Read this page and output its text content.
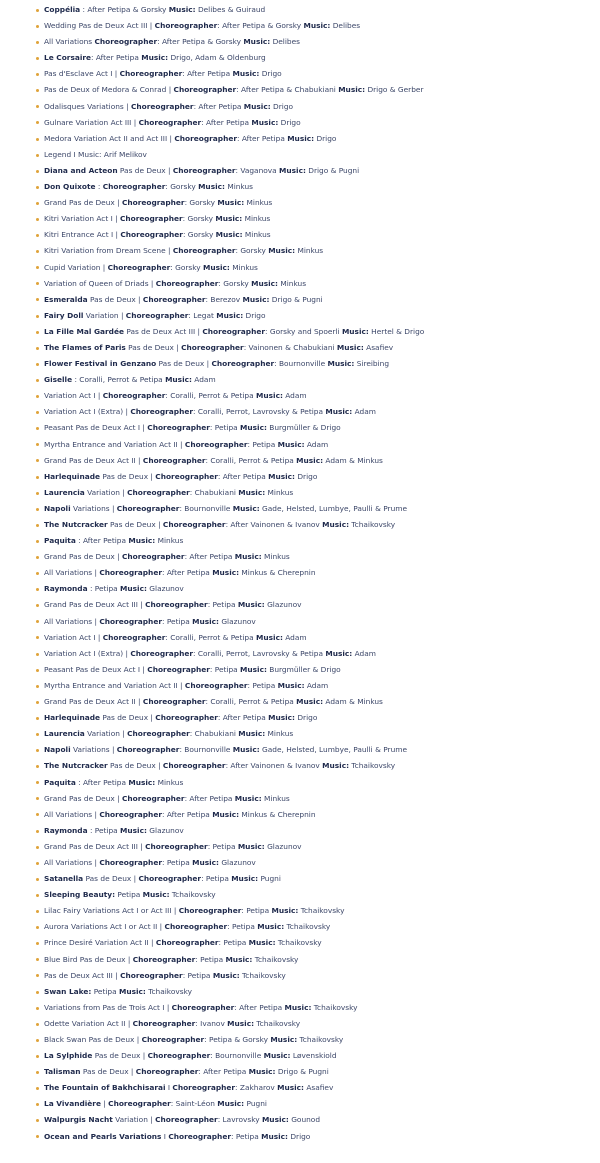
Coppélia : After Petipa & Gorsky Music: Delibes & Guiraud
Wedding Pas de Deux Act III | Choreographer: After Petipa & Gorsky Music: Delibes
All Variations Choreographer: After Petipa & Gorsky Music: Delibes
Le Corsaire: After Petipa Music: Drigo, Adam & Oldenburg
Pas d'Esclave Act I | Choreographer: After Petipa Music: Drigo
Pas de Deux of Medora & Conrad | Choreographer: After Petipa & Chabukiani Music: Drigo & Gerber
Odalisques Variations | Choreographer: After Petipa Music: Drigo
Gulnare Variation Act III | Choreographer: After Petipa Music: Drigo
Medora Variation Act II and Act III | Choreographer: After Petipa Music: Drigo
Legend I Music: Arif Melikov
Diana and Acteon Pas de Deux | Choreographer: Vaganova Music: Drigo & Pugni
Don Quixote : Choreographer: Gorsky Music: Minkus
Grand Pas de Deux | Choreographer: Gorsky Music: Minkus
Kitri Variation Act I | Choreographer: Gorsky Music: Minkus
Kitri Entrance Act I | Choreographer: Gorsky Music: Minkus
Kitri Variation from Dream Scene | Choreographer: Gorsky Music: Minkus
Cupid Variation | Choreographer: Gorsky Music: Minkus
Variation of Queen of Driads | Choreographer: Gorsky Music: Minkus
Esmeralda Pas de Deux | Choreographer: Berezov Music: Drigo & Pugni
Fairy Doll Variation | Choreographer: Legat Music: Drigo
La Fille Mal Gardée Pas de Deux Act III | Choreographer: Gorsky and Spoerli Music: Hertel & Drigo
The Flames of Paris Pas de Deux | Choreographer: Vainonen & Chabukiani Music: Asafiev
Flower Festival in Genzano Pas de Deux | Choreographer: Bournonville Music: Sireibing
Giselle : Coralli, Perrot & Petipa Music: Adam
Variation Act I | Choreographer: Coralli, Perrot & Petipa Music: Adam
Variation Act I (Extra) | Choreographer: Coralli, Perrot, Lavrovsky & Petipa Music: Adam
Peasant Pas de Deux Act I | Choreographer: Petipa Music: Burgmüller & Drigo
Myrtha Entrance and Variation Act II | Choreographer: Petipa Music: Adam
Grand Pas de Deux Act II | Choreographer: Coralli, Perrot & Petipa Music: Adam & Minkus
Harlequinade Pas de Deux | Choreographer: After Petipa Music: Drigo
Laurencia Variation | Choreographer: Chabukiani Music: Minkus
Napoli Variations | Choreographer: Bournonville Music: Gade, Helsted, Lumbye, Paulli & Prume
The Nutcracker Pas de Deux | Choreographer: After Vainonen & Ivanov Music: Tchaikovsky
Paquita : After Petipa Music: Minkus
Grand Pas de Deux | Choreographer: After Petipa Music: Minkus
All Variations | Choreographer: After Petipa Music: Minkus & Cherepnin
Raymonda : Petipa Music: Glazunov
Grand Pas de Deux Act III | Choreographer: Petipa Music: Glazunov
All Variations | Choreographer: Petipa Music: Glazunov
Variation Act I | Choreographer: Coralli, Perrot & Petipa Music: Adam
Variation Act I (Extra) | Choreographer: Coralli, Perrot, Lavrovsky & Petipa Music: Adam
Peasant Pas de Deux Act I | Choreographer: Petipa Music: Burgmüller & Drigo
Myrtha Entrance and Variation Act II | Choreographer: Petipa Music: Adam
Grand Pas de Deux Act II | Choreographer: Coralli, Perrot & Petipa Music: Adam & Minkus
Harlequinade Pas de Deux | Choreographer: After Petipa Music: Drigo
Laurencia Variation | Choreographer: Chabukiani Music: Minkus
Napoli Variations | Choreographer: Bournonville Music: Gade, Helsted, Lumbye, Paulli & Prume
The Nutcracker Pas de Deux | Choreographer: After Vainonen & Ivanov Music: Tchaikovsky
Paquita : After Petipa Music: Minkus
Grand Pas de Deux | Choreographer: After Petipa Music: Minkus
All Variations | Choreographer: After Petipa Music: Minkus & Cherepnin
Raymonda : Petipa Music: Glazunov
Grand Pas de Deux Act III | Choreographer: Petipa Music: Glazunov
All Variations | Choreographer: Petipa Music: Glazunov
Satanella Pas de Deux | Choreographer: Petipa Music: Pugni
Sleeping Beauty: Petipa Music: Tchaikovsky
Lilac Fairy Variations Act I or Act III | Choreographer: Petipa Music: Tchaikovsky
Aurora Variations Act I or Act II | Choreographer: Petipa Music: Tchaikovsky
Prince Desiré Variation Act II | Choreographer: Petipa Music: Tchaikovsky
Blue Bird Pas de Deux | Choreographer: Petipa Music: Tchaikovsky
Pas de Deux Act III | Choreographer: Petipa Music: Tchaikovsky
Swan Lake: Petipa Music: Tchaikovsky
Variations from Pas de Trois Act I | Choreographer: After Petipa Music: Tchaikovsky
Odette Variation Act II | Choreographer: Ivanov Music: Tchaikovsky
Black Swan Pas de Deux | Choreographer: Petipa & Gorsky Music: Tchaikovsky
La Sylphide Pas de Deux | Choreographer: Bournonville Music: Løvenskiold
Talisman Pas de Deux | Choreographer: After Petipa Music: Drigo & Pugni
The Fountain of Bakhchisarai I Choreographer: Zakharov Music: Asafiev
La Vivandière | Choreographer: Saint-Léon Music: Pugni
Walpurgis Nacht Variation | Choreographer: Lavrovsky Music: Gounod
Ocean and Pearls Variations I Choreographer: Petipa Music: Drigo
